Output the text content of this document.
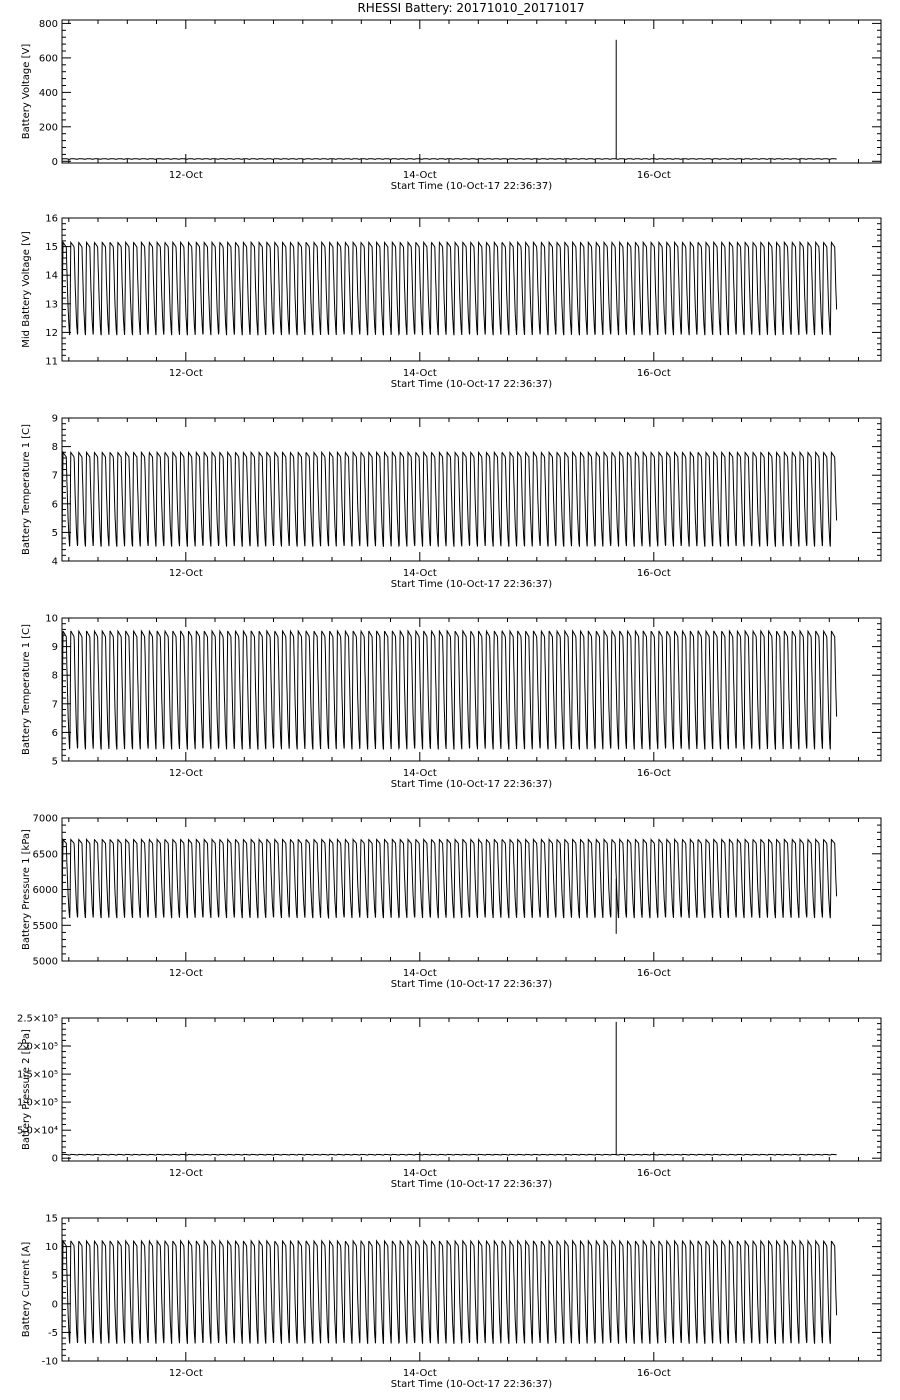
RHESSI Battery: 20171010_20171017
12-Oct	14-Oct	16-Oct
Start Time (10-Oct-17 22:36:37)
0
200
400
600
800
Battery Voltage [V]
12-Oct	14-Oct	16-Oct
Start Time (10-Oct-17 22:36:37)
11
12
13
14
15
16
Mid Battery Voltage [V]
12-Oct	14-Oct	16-Oct
Start Time (10-Oct-17 22:36:37)
4
5
6
7
8
9
Battery Temperature 1 [C]
12-Oct	14-Oct	16-Oct
Start Time (10-Oct-17 22:36:37)
5
6
7
8
9
10
Battery Temperature 1 [C]
12-Oct	14-Oct	16-Oct
Start Time (10-Oct-17 22:36:37)
5000
5500
6000
6500
7000
Battery Pressure 1 [kPa]
12-Oct	14-Oct	16-Oct
Start Time (10-Oct-17 22:36:37)
0
5.0×10⁴
1.0×10⁵
1.5×10⁵
2.0×10⁵
2.5×10⁵
Battery Pressure 2 [kPa]
12-Oct	14-Oct	16-Oct
Start Time (10-Oct-17 22:36:37)
-10
-5
0
5
10
15
Battery Current [A]
